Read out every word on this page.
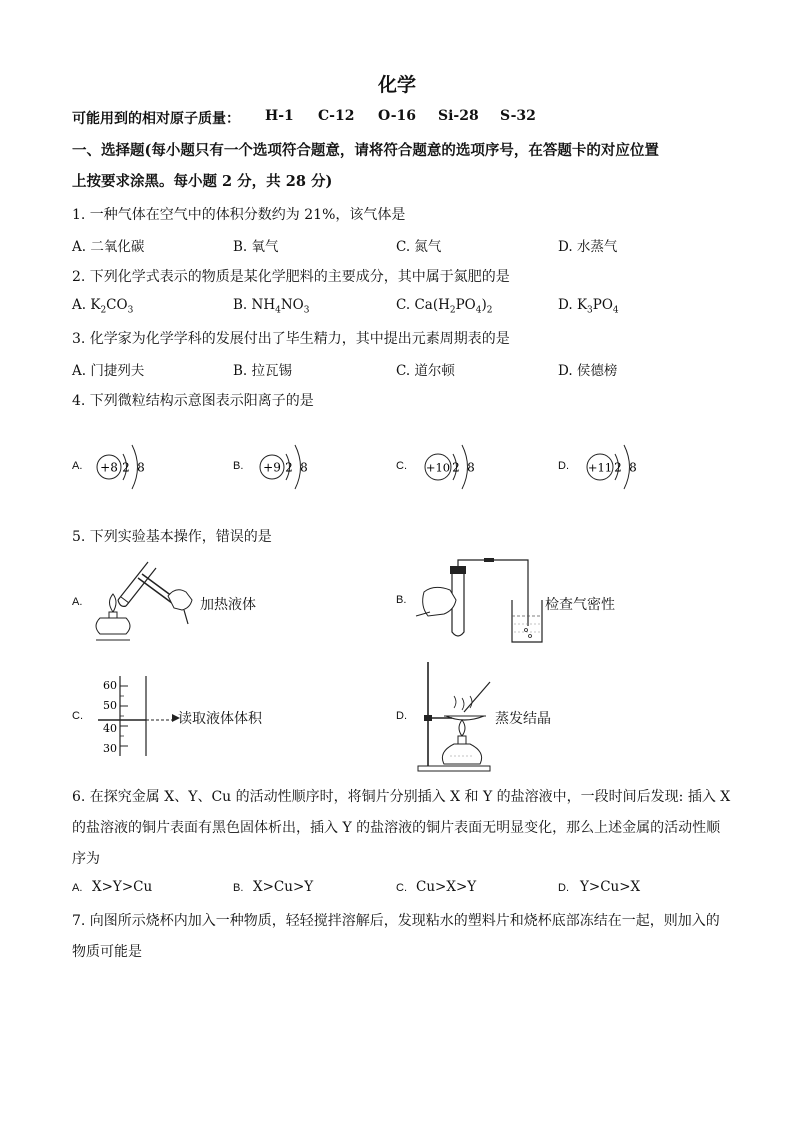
化学
可能用到的相对原子质量： H-1 C-12 O-16 Si-28 S-32
一、选择题(每小题只有一个选项符合题意，请将符合题意的选项序号，在答题卡的对应位置
上按要求涂黑。每小题 2 分，共 28 分)
1. 一种气体在空气中的体积分数约为 21%，该气体是
A. 二氧化碳	B. 氧气	C. 氮气	D. 水蒸气
2. 下列化学式表示的物质是某化学肥料的主要成分，其中属于氮肥的是
A. $K_2CO_3$	B. $NH_4NO_3$	C. $Ca(H_2PO_4)_2$	D. $K_3PO_4$
3. 化学家为化学学科的发展付出了毕生精力，其中提出元素周期表的是
A. 门捷列夫	B. 拉瓦锡	C. 道尔顿	D. 侯德榜
4. 下列微粒结构示意图表示阳离子的是
A. +8 2 8	B. +9 2 8	C. +10 2 8	D. +11 2 8
5. 下列实验基本操作，错误的是
A.	加热液体	B.	检查气密性
C.
60
50
40
30
读取液体体积	D.	蒸发结晶
6. 在探究金属 X、Y、Cu 的活动性顺序时，将铜片分别插入 X 和 Y 的盐溶液中，一段时间后发现: 插入 X
的盐溶液的铜片表面有黑色固体析出，插入 Y 的盐溶液的铜片表面无明显变化，那么上述金属的活动性顺
序为
A. X>Y>Cu	B. X>Cu>Y	C. Cu>X>Y	D. Y>Cu>X
7. 向图所示烧杯内加入一种物质，轻轻搅拌溶解后，发现粘水的塑料片和烧杯底部冻结在一起，则加入的
物质可能是
